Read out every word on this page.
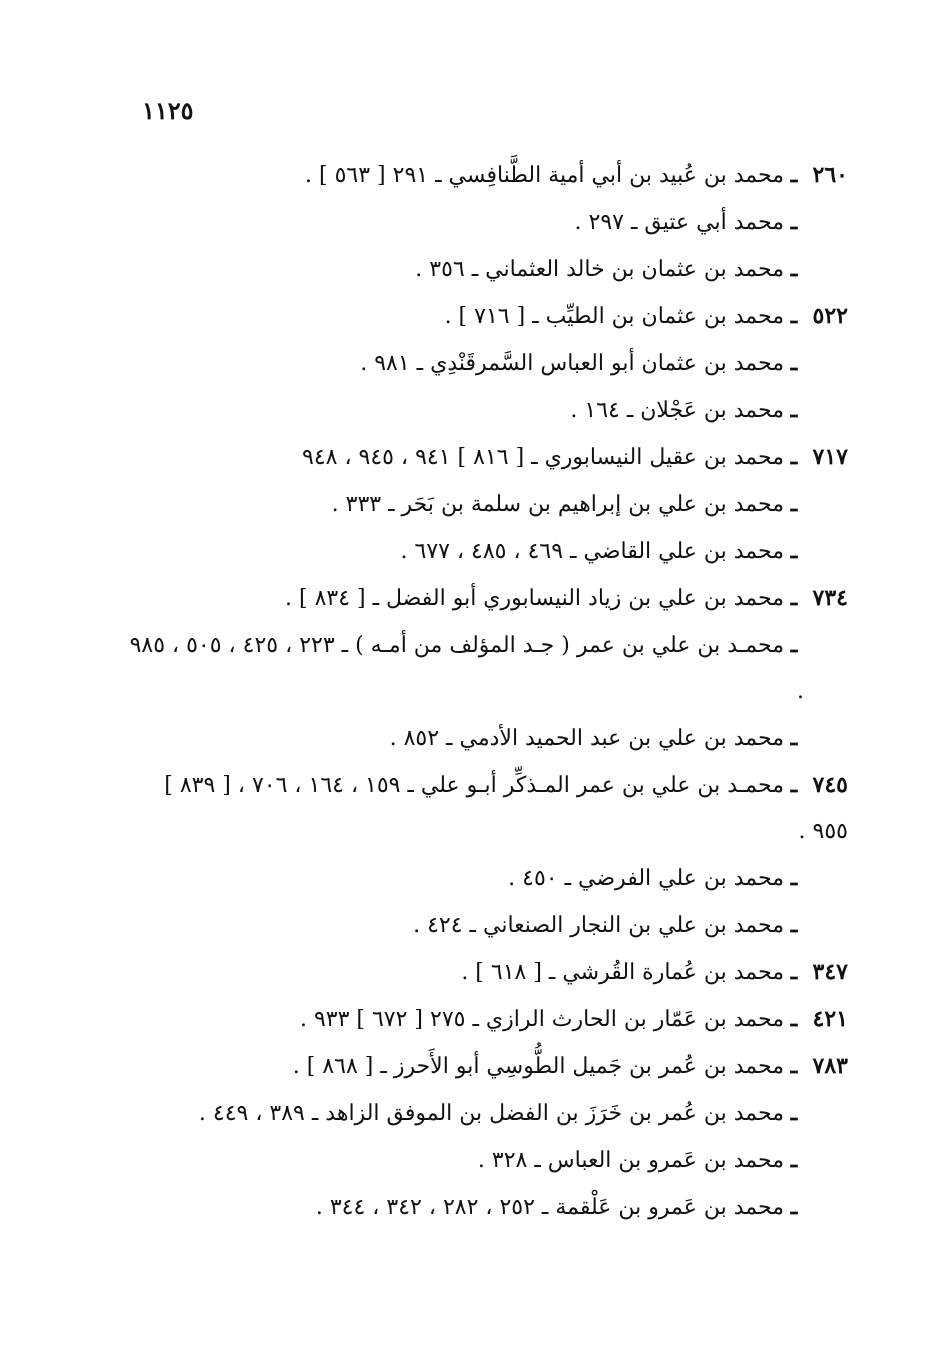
١١٢٥
٢٦٠ـمحمد بن عُبيد بن أبي أمية الطَّنافِسي ـ ٢٩١ [ ٥٦٣ ] .
ـمحمد أبي عتيق ـ ٢٩٧ .
ـمحمد بن عثمان بن خالد العثماني ـ ٣٥٦ .
٥٢٢ـمحمد بن عثمان بن الطيِّب ـ [ ٧١٦ ] .
ـمحمد بن عثمان أبو العباس السَّمرقَنْدِي ـ ٩٨١ .
ـمحمد بن عَجْلان ـ ١٦٤ .
٧١٧ـمحمد بن عقيل النيسابوري ـ [ ٨١٦ ] ٩٤١ ، ٩٤٥ ، ٩٤٨
ـمحمد بن علي بن إبراهيم بن سلمة بن بَحَر ـ ٣٣٣ .
ـمحمد بن علي القاضي ـ ٤٦٩ ، ٤٨٥ ، ٦٧٧ .
٧٣٤ـمحمد بن علي بن زياد النيسابوري أبو الفضل ـ [ ٨٣٤ ] .
ـمحمـد بن علي بن عمر ( جـد المؤلف من أمـه ) ـ ٢٢٣ ، ٤٢٥ ، ٥٠٥ ، ٩٨٥ .
ـمحمد بن علي بن عبد الحميد الأدمي ـ ٨٥٢ .
٧٤٥ـمحمـد بن علي بن عمر المـذكِّر أبـو علي ـ ١٥٩ ، ١٦٤ ، ٧٠٦ ، [ ٨٣٩ ] ٩٥٥ .
ـمحمد بن علي الفرضي ـ ٤٥٠ .
ـمحمد بن علي بن النجار الصنعاني ـ ٤٢٤ .
٣٤٧ـمحمد بن عُمارة القُرشي ـ [ ٦١٨ ] .
٤٢١ـمحمد بن عَمّار بن الحارث الرازي ـ ٢٧٥ [ ٦٧٢ ] ٩٣٣ .
٧٨٣ـمحمد بن عُمر بن جَميل الطُّوسِي أبو الأَحرز ـ [ ٨٦٨ ] .
ـمحمد بن عُمر بن خَرَزَ بن الفضل بن الموفق الزاهد ـ ٣٨٩ ، ٤٤٩ .
ـمحمد بن عَمرو بن العباس ـ ٣٢٨ .
ـمحمد بن عَمرو بن عَلْقمة ـ ٢٥٢ ، ٢٨٢ ، ٣٤٢ ، ٣٤٤ .
